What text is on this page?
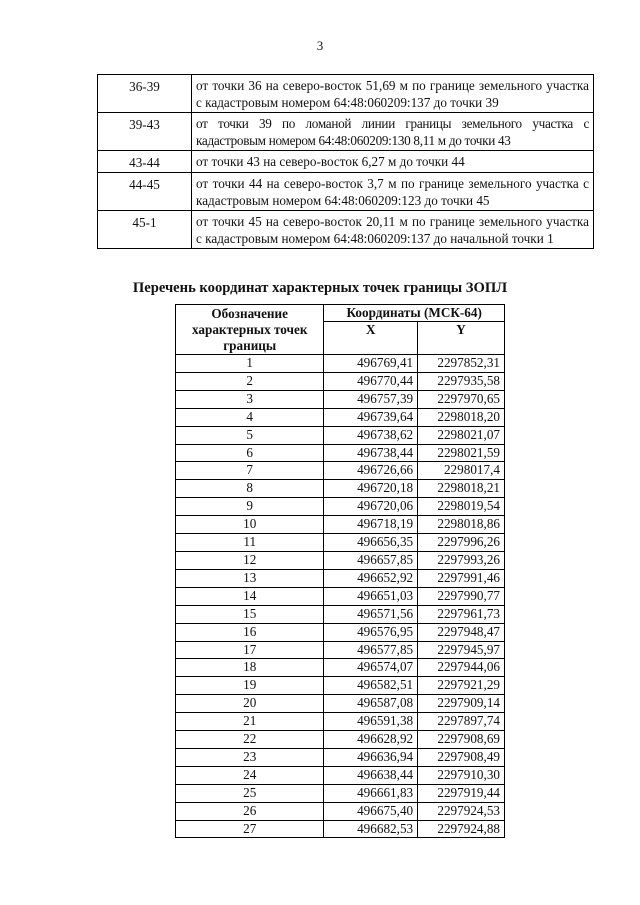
3
36-39	от точки 36 на северо-восток 51,69 м по границе земельного участка с кадастровым номером 64:48:060209:137 до точки 39
39-43	от точки 39 по ломаной линии границы земельного участка с кадастровым номером 64:48:060209:130 8,11 м до точки 43
43-44	от точки 43 на северо-восток 6,27 м до точки 44
44-45	от точки 44 на северо-восток 3,7 м по границе земельного участка с кадастровым номером 64:48:060209:123 до точки 45
45-1	от точки 45 на северо-восток 20,11 м по границе земельного участка с кадастровым номером 64:48:060209:137 до начальной точки 1
Перечень координат характерных точек границы ЗОПЛ
Обозначение характерных точек границы	Координаты (МСК-64)	
	X	Y
1	496769,41	2297852,31
2	496770,44	2297935,58
3	496757,39	2297970,65
4	496739,64	2298018,20
5	496738,62	2298021,07
6	496738,44	2298021,59
7	496726,66	2298017,4
8	496720,18	2298018,21
9	496720,06	2298019,54
10	496718,19	2298018,86
11	496656,35	2297996,26
12	496657,85	2297993,26
13	496652,92	2297991,46
14	496651,03	2297990,77
15	496571,56	2297961,73
16	496576,95	2297948,47
17	496577,85	2297945,97
18	496574,07	2297944,06
19	496582,51	2297921,29
20	496587,08	2297909,14
21	496591,38	2297897,74
22	496628,92	2297908,69
23	496636,94	2297908,49
24	496638,44	2297910,30
25	496661,83	2297919,44
26	496675,40	2297924,53
27	496682,53	2297924,88
